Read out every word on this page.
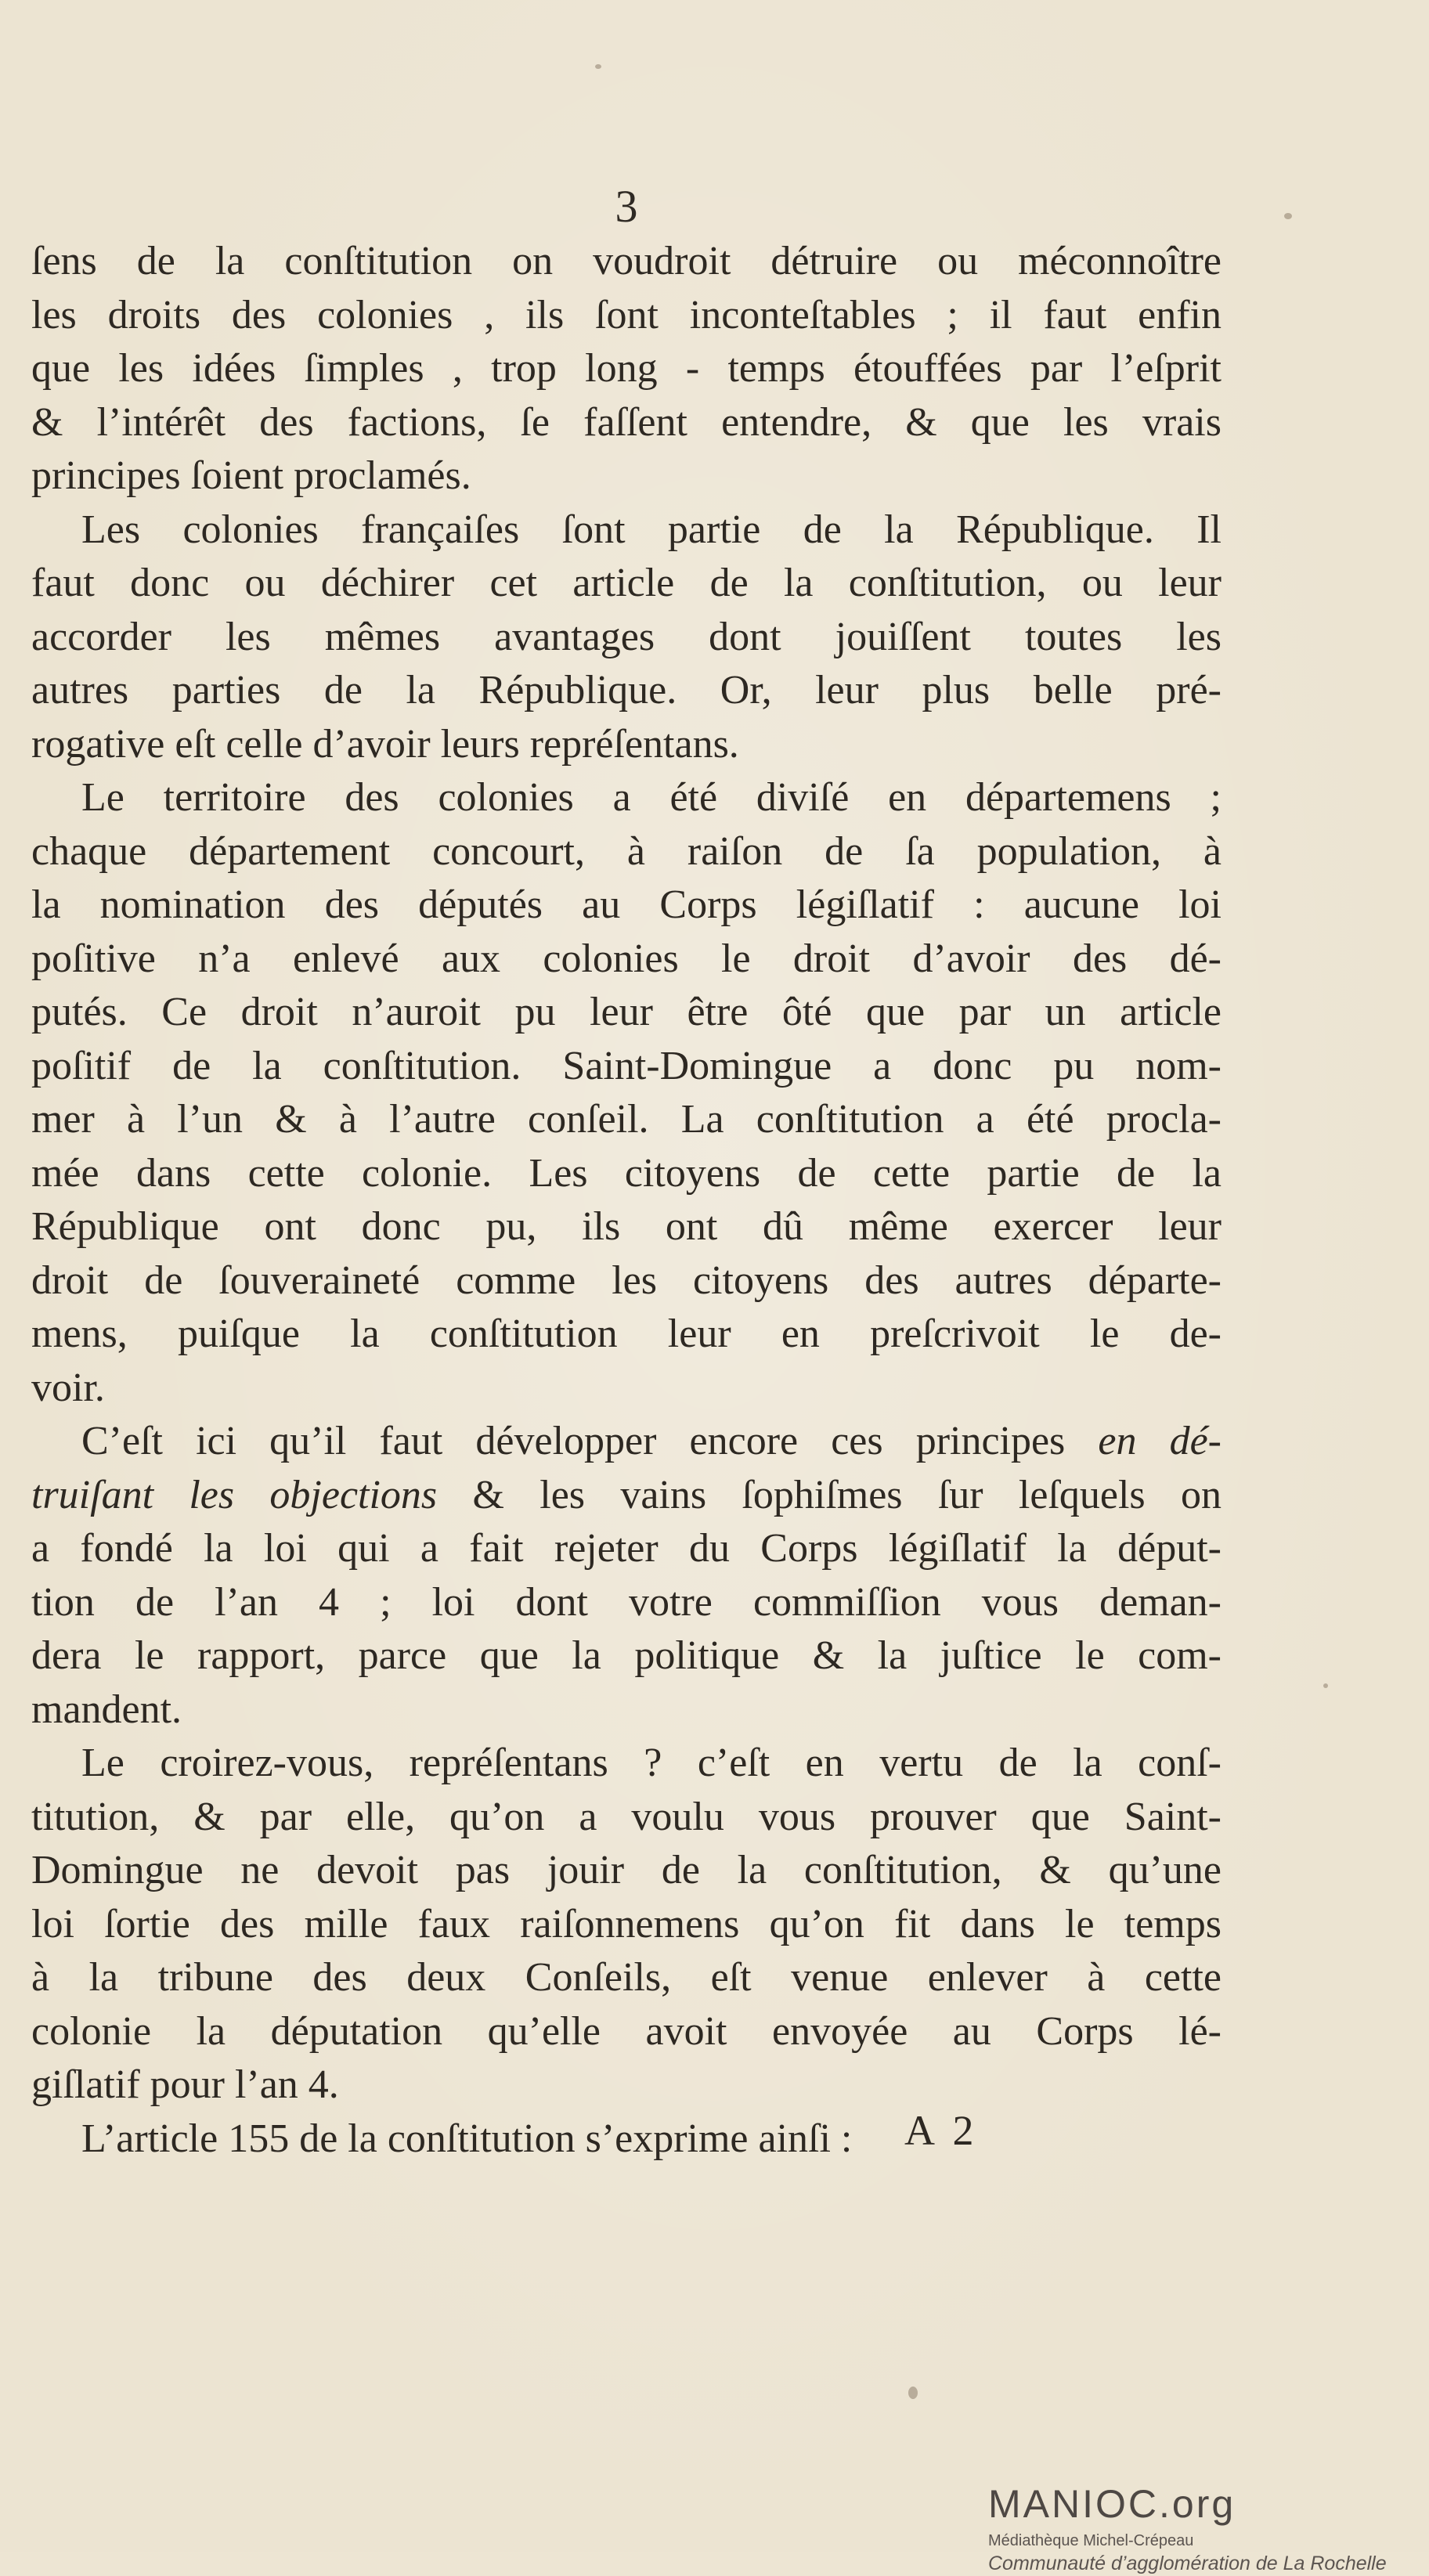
3

ſens de la conſtitution on voudroit détruire ou méconnoître
les droits des colonies , ils ſont inconteſtables ; il faut enfin
que les idées ſimples , trop long - temps étouffées par l’eſprit
& l’intérêt des factions, ſe faſſent entendre, & que les vrais
principes ſoient proclamés.

Les colonies françaiſes ſont partie de la République. Il
faut donc ou déchirer cet article de la conſtitution, ou leur
accorder les mêmes avantages dont jouiſſent toutes les
autres parties de la République. Or, leur plus belle pré-
rogative eſt celle d’avoir leurs repréſentans.

Le territoire des colonies a été diviſé en départemens ;
chaque département concourt, à raiſon de ſa population, à
la nomination des députés au Corps légiſlatif : aucune loi
poſitive n’a enlevé aux colonies le droit d’avoir des dé-
putés. Ce droit n’auroit pu leur être ôté que par un article
poſitif de la conſtitution. Saint-Domingue a donc pu nom-
mer à l’un & à l’autre conſeil. La conſtitution a été procla-
mée dans cette colonie. Les citoyens de cette partie de la
République ont donc pu, ils ont dû même exercer leur
droit de ſouveraineté comme les citoyens des autres départe-
mens, puiſque la conſtitution leur en preſcrivoit le de-
voir.

C’eſt ici qu’il faut développer encore ces principes en dé-
truiſant les objections & les vains ſophiſmes ſur leſquels on
a fondé la loi qui a fait rejeter du Corps légiſlatif la déput-
tion de l’an 4 ; loi dont votre commiſſion vous deman-
dera le rapport, parce que la politique & la juſtice le com-
mandent.

Le croirez-vous, repréſentans ? c’eſt en vertu de la conſ-
titution, & par elle, qu’on a voulu vous prouver que Saint-
Domingue ne devoit pas jouir de la conſtitution, & qu’une
loi ſortie des mille faux raiſonnemens qu’on fit dans le temps
à la tribune des deux Conſeils, eſt venue enlever à cette
colonie la députation qu’elle avoit envoyée au Corps lé-
giſlatif pour l’an 4.

L’article 155 de la conſtitution s’exprime ainſi :	A 2
MANIOC.org
Médiathèque Michel-Crépeau
Communauté d’agglomération de La Rochelle
